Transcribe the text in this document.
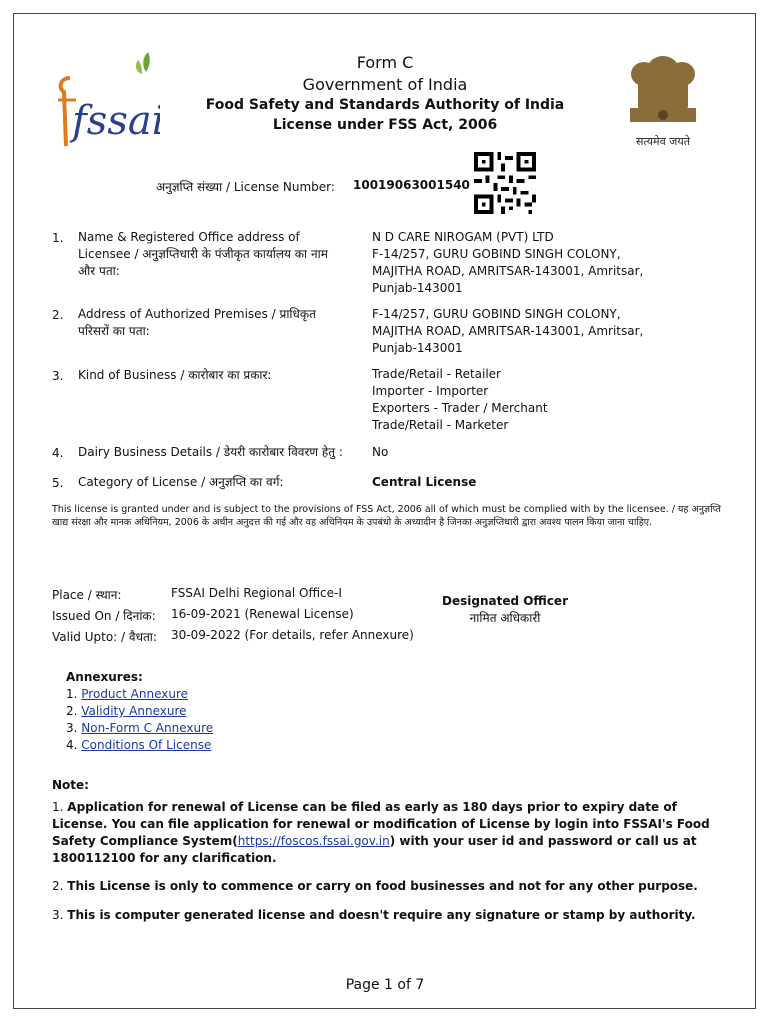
fssai
Form C
Government of India
Food Safety and Standards Authority of India
License under FSS Act, 2006
सत्यमेव जयते
अनुज्ञप्ति संख्या / License Number: 10019063001540
1. Name & Registered Office address of Licensee / अनुज्ञप्तिधारी के पंजीकृत कार्यालय का नाम और पता:
N D CARE NIROGAM (PVT) LTD
F-14/257, GURU GOBIND SINGH COLONY,
MAJITHA ROAD, AMRITSAR-143001, Amritsar,
Punjab-143001
2. Address of Authorized Premises / प्राधिकृत परिसरों का पता:
F-14/257, GURU GOBIND SINGH COLONY,
MAJITHA ROAD, AMRITSAR-143001, Amritsar,
Punjab-143001
3. Kind of Business / कारोबार का प्रकार:	Trade/Retail - Retailer
Importer - Importer
Exporters - Trader / Merchant
Trade/Retail - Marketer
4. Dairy Business Details / डेयरी कारोबार विवरण हेतु :	No
5. Category of License / अनुज्ञप्ति का वर्ग:	Central License
This license is granted under and is subject to the provisions of FSS Act, 2006 all of which must be complied with by the licensee. / यह अनुज्ञप्ति खाद्य संरक्षा और मानक अधिनियम, 2006 के अधीन अनुदत्त की गई और वह अधिनियम के उपबंधो के अध्यादीन है जिनका अनुज्ञप्तिधारी द्वारा अवश्य पालन किया जाना चाहिए.
Place / स्थान:	FSSAI Delhi Regional Office-I
Issued On / दिनांक: 16-09-2021 (Renewal License)
Valid Upto: / वैधता: 30-09-2022 (For details, refer Annexure)
Designated Officer
नामित अधिकारी
Annexures:
1. Product Annexure
2. Validity Annexure
3. Non-Form C Annexure
4. Conditions Of License
Note:
1. Application for renewal of License can be filed as early as 180 days prior to expiry date of License. You can file application for renewal or modification of License by login into FSSAI's Food Safety Compliance System(https://foscos.fssai.gov.in) with your user id and password or call us at 1800112100 for any clarification.
2. This License is only to commence or carry on food businesses and not for any other purpose.
3. This is computer generated license and doesn't require any signature or stamp by authority.
Page 1 of 7
